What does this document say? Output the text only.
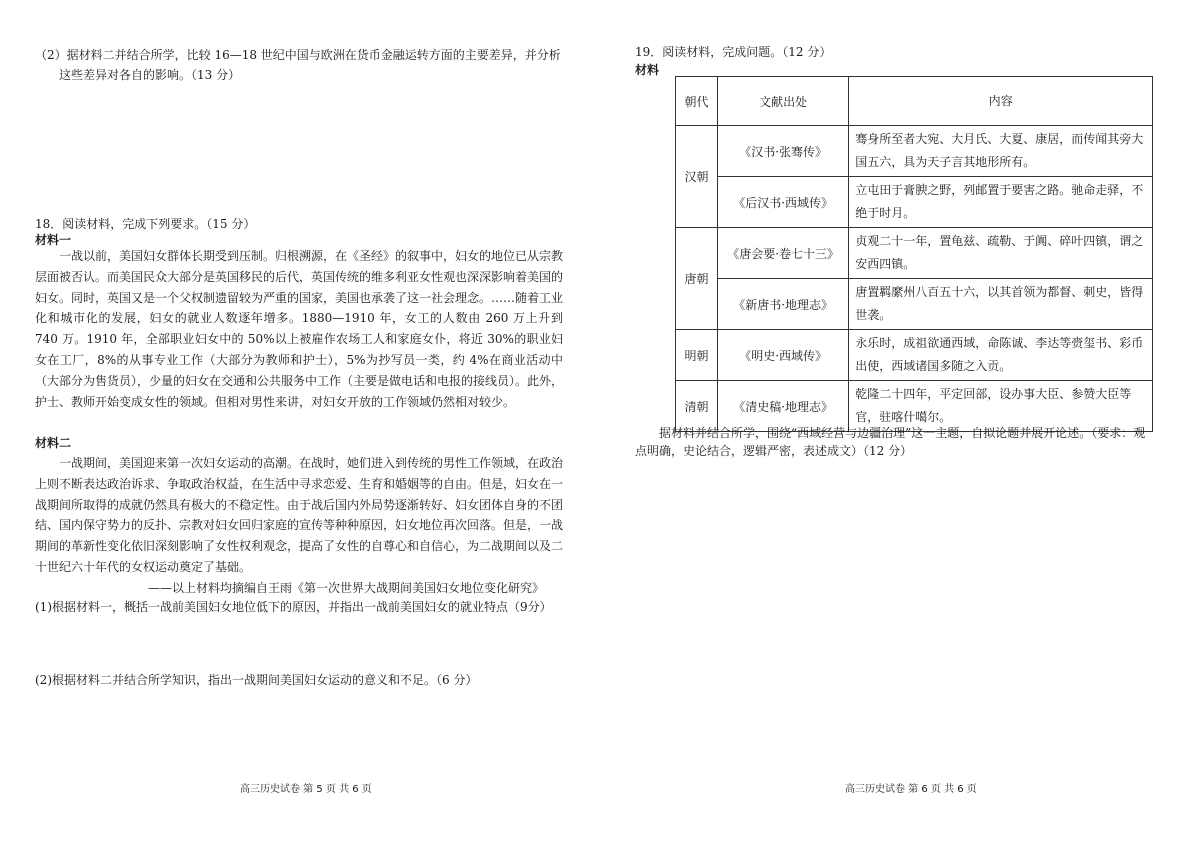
（2）据材料二并结合所学，比较 16—18 世纪中国与欧洲在货币金融运转方面的主要差异，并分析
这些差异对各自的影响。（13 分）
18．阅读材料，完成下列要求。（15 分）
材料一

一战以前，美国妇女群体长期受到压制。归根溯源，在《圣经》的叙事中，妇女的地位已从宗教层面被否认。而美国民众大部分是英国移民的后代，英国传统的维多利亚女性观也深深影响着美国的妇女。同时，英国又是一个父权制遗留较为严重的国家，美国也承袭了这一社会理念。……随着工业化和城市化的发展，妇女的就业人数逐年增多。1880—1910 年，女工的人数由 260 万上升到 740 万。1910 年，全部职业妇女中的 50%以上被雇作农场工人和家庭女仆，将近 30%的职业妇女在工厂，8%的从事专业工作（大部分为教师和护士），5%为抄写员一类，约 4%在商业活动中（大部分为售货员），少量的妇女在交通和公共服务中工作（主要是做电话和电报的接线员）。此外，护士、教师开始变成女性的领域。但相对男性来讲，对妇女开放的工作领域仍然相对较少。

材料二

一战期间，美国迎来第一次妇女运动的高潮。在战时，她们进入到传统的男性工作领域，在政治上则不断表达政治诉求、争取政治权益，在生活中寻求恋爱、生育和婚姻等的自由。但是，妇女在一战期间所取得的成就仍然具有极大的不稳定性。由于战后国内外局势逐渐转好、妇女团体自身的不团结、国内保守势力的反扑、宗教对妇女回归家庭的宣传等种种原因，妇女地位再次回落。但是，一战期间的革新性变化依旧深刻影响了女性权利观念，提高了女性的自尊心和自信心，为二战期间以及二十世纪六十年代的女权运动奠定了基础。

——以上材料均摘编自王雨《第一次世界大战期间美国妇女地位变化研究》
(1)根据材料一，概括一战前美国妇女地位低下的原因，并指出一战前美国妇女的就业特点（9分）
(2)根据材料二并结合所学知识，指出一战期间美国妇女运动的意义和不足。（6 分）
高三历史试卷 第 5 页 共 6 页
19．阅读材料，完成问题。（12 分）
材料
朝代	文献出处	内容
汉朝	《汉书·张骞传》	骞身所至者大宛、大月氏、大夏、康居，而传闻其旁大国五六，具为天子言其地形所有。
	《后汉书·西域传》	立屯田于膏腴之野，列邮置于要害之路。驰命走驿，不绝于时月。
唐朝	《唐会要·卷七十三》	贞观二十一年，置龟兹、疏勒、于阗、碎叶四镇，谓之安西四镇。
	《新唐书·地理志》	唐置羁縻州八百五十六，以其首领为都督、刺史，皆得世袭。
明朝	《明史·西域传》	永乐时，成祖欲通西域，命陈诚、李达等赍玺书、彩币出使，西域诸国多随之入贡。
清朝	《清史稿·地理志》	乾隆二十四年，平定回部，设办事大臣、参赞大臣等官，驻喀什噶尔。

据材料并结合所学，围绕“西域经营与边疆治理”这一主题，自拟论题并展开论述。（要求：观点明确，史论结合，逻辑严密，表述成文）（12 分）

高三历史试卷 第 6 页 共 6 页
